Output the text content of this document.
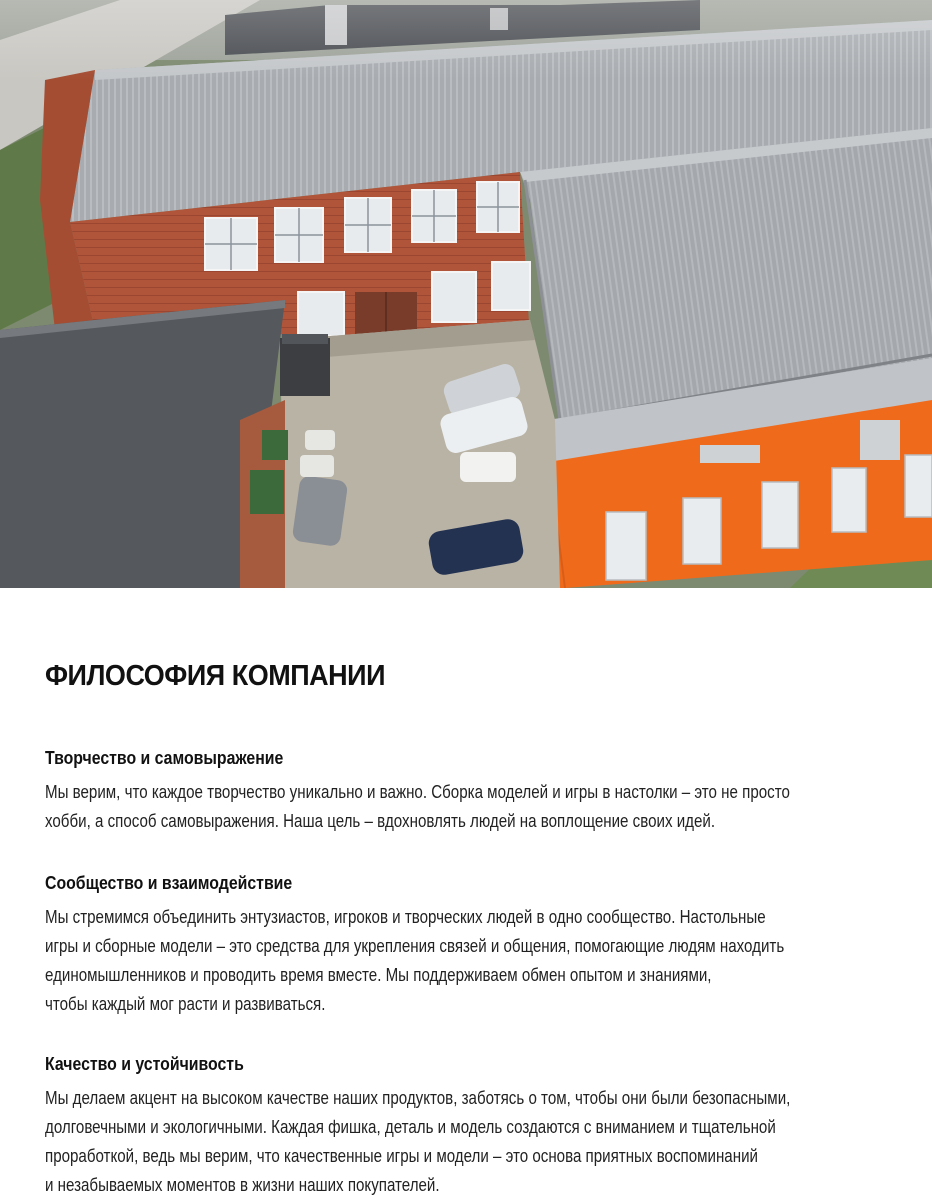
ФИЛОСОФИЯ КОМПАНИИ
Творчество и самовыражение

Мы верим, что каждое творчество уникально и важно. Сборка моделей и игры в настолки – это не просто
хобби, а способ самовыражения. Наша цель – вдохновлять людей на воплощение своих идей.

Сообщество и взаимодействие

Мы стремимся объединить энтузиастов, игроков и творческих людей в одно сообщество. Настольные
игры и сборные модели – это средства для укрепления связей и общения, помогающие людям находить
единомышленников и проводить время вместе. Мы поддерживаем обмен опытом и знаниями,
чтобы каждый мог расти и развиваться.

Качество и устойчивость

Мы делаем акцент на высоком качестве наших продуктов, заботясь о том, чтобы они были безопасными,
долговечными и экологичными. Каждая фишка, деталь и модель создаются с вниманием и тщательной
проработкой, ведь мы верим, что качественные игры и модели – это основа приятных воспоминаний
и незабываемых моментов в жизни наших покупателей.
